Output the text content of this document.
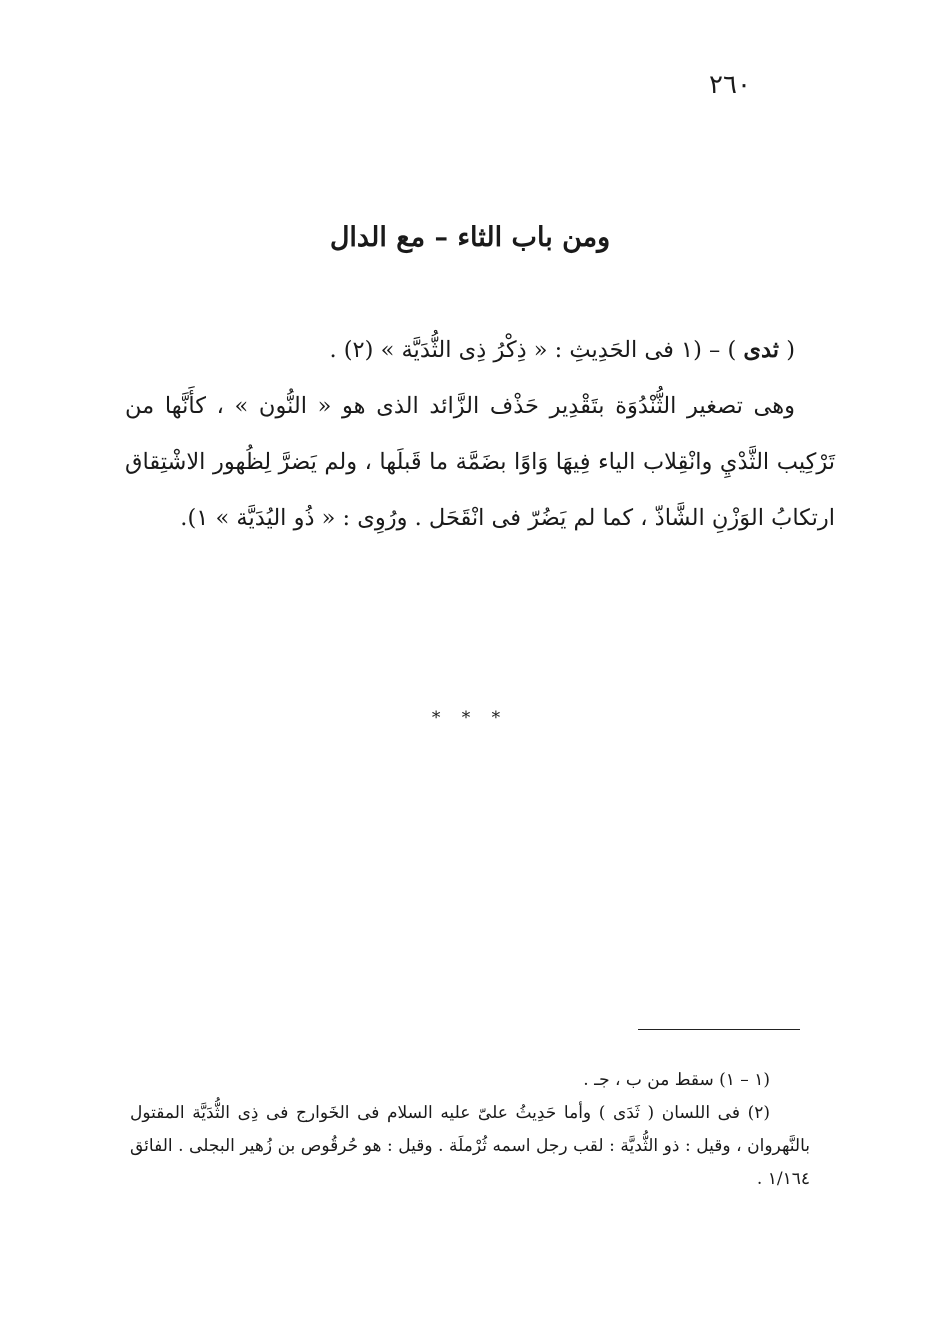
٢٦٠
ومن باب الثاء – مع الدال

( ثدى ) – (١ فى الحَدِيثِ : « ذِكْرُ ذِى الثُّدَيَّة » (٢) .

وهى تصغير الثُّنْدُوَة بتَقْدِير حَذْف الزَّائد الذى هو « النُّون » ، كأَنَّها من تَرْكِيب الثَّدْيِ وانْقِلاب الياء فِيهَا وَاوًا بضَمَّة ما قَبلَها ، ولم يَضرَّ لِظُهور الاشْتِقاق ارتكابُ الوَزْنِ الشَّاذّ ، كما لم يَضُرّ فى انْقَحَل . ورُوِى : « ذُو اليُدَيَّة » ١).

* * *

(١ – ١) سقط من ب ، جـ .

(٢) فى اللسان ( ثَدَى ) وأما حَدِيثُ علىّ عليه السلام فى الخَوارج فى ذِى الثُّدَيَّة المقتول بالنَّهروان ، وقيل : ذو الثُّديَّة : لقب رجل اسمه ثُرْملَة . وقيل : هو حُرقُوص بن زُهير البجلى . الفائق ١/١٦٤ .
